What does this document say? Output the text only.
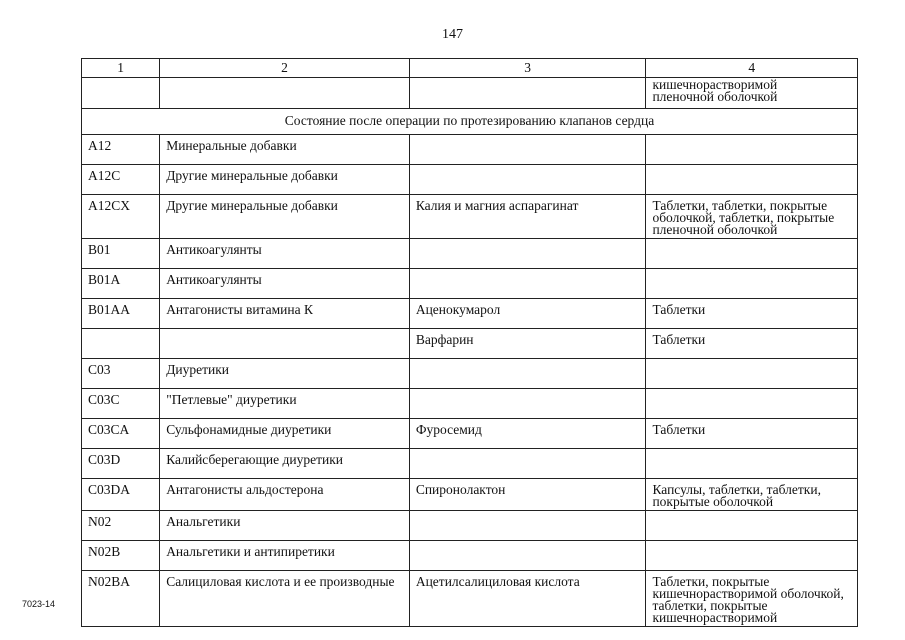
147
1	2	3	4
			кишечнорастворимой
пленочной оболочкой
Состояние после операции по протезированию клапанов сердца			
A12	Минеральные добавки		
A12C	Другие минеральные добавки		
A12CX	Другие минеральные добавки	Калия и магния аспарагинат	Таблетки, таблетки, покрытые оболочкой, таблетки, покрытые пленочной оболочкой
B01	Антикоагулянты		
B01A	Антикоагулянты		
B01AA	Антагонисты витамина К	Аценокумарол	Таблетки
		Варфарин	Таблетки
C03	Диуретики		
C03C	"Петлевые" диуретики		
C03CA	Сульфонамидные диуретики	Фуросемид	Таблетки
C03D	Калийсберегающие диуретики		
C03DA	Антагонисты альдостерона	Спиронолактон	Капсулы, таблетки, таблетки, покрытые оболочкой
N02	Анальгетики		
N02B	Анальгетики и антипиретики		
N02BA	Салициловая кислота и ее производные	Ацетилсалициловая кислота	Таблетки, покрытые кишечнорастворимой оболочкой, таблетки, покрытые кишечнорастворимой
7023-14
